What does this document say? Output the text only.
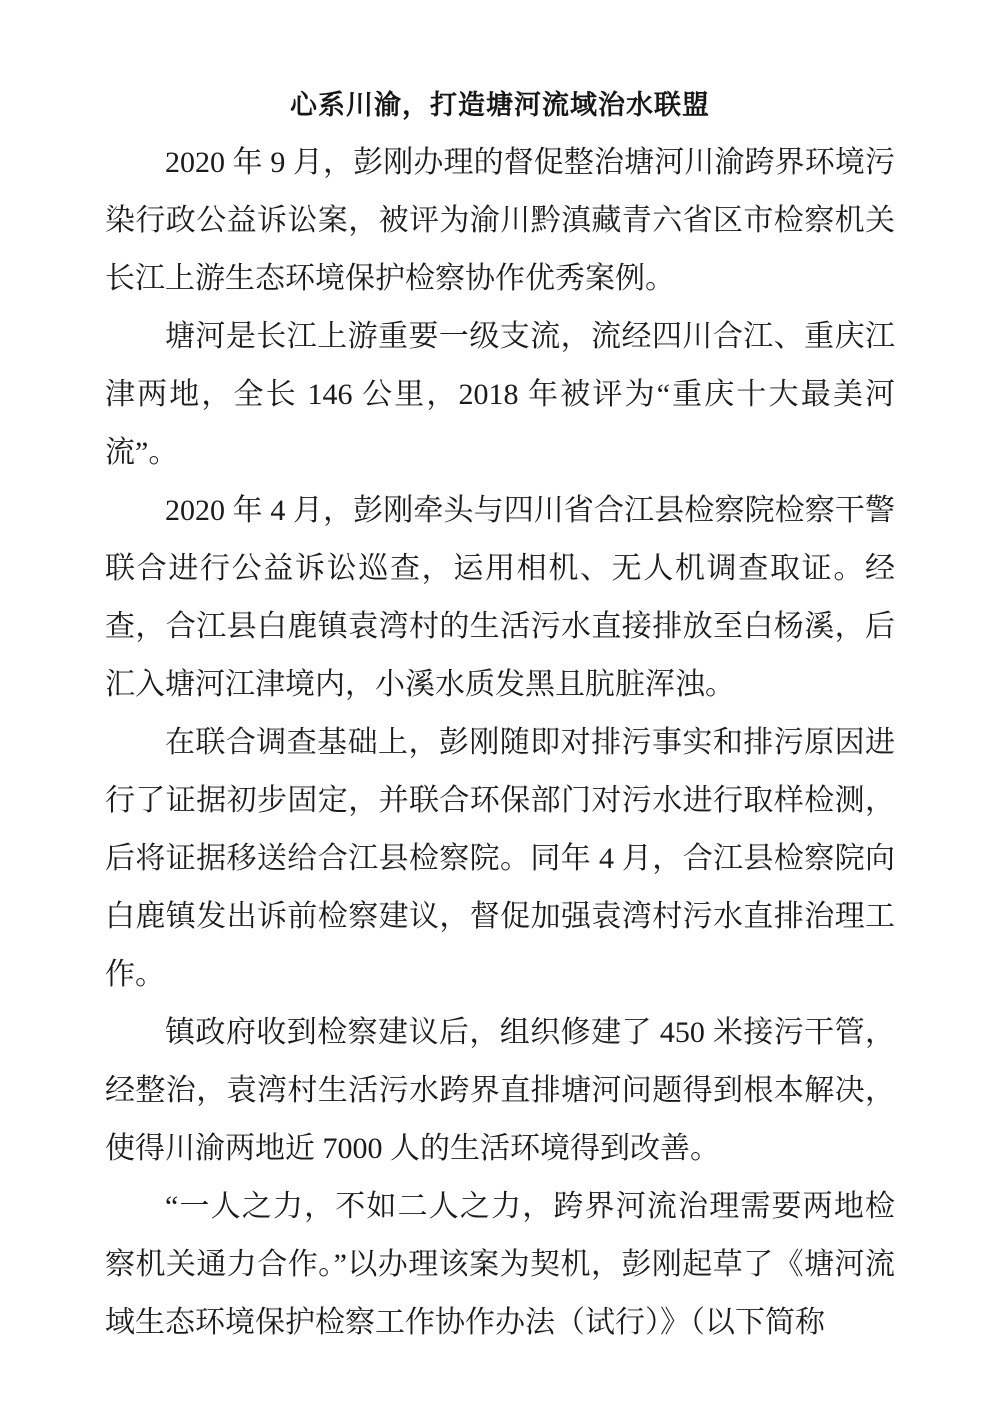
心系川渝，打造塘河流域治水联盟

2020 年 9 月，彭刚办理的督促整治塘河川渝跨界环境污染行政公益诉讼案，被评为渝川黔滇藏青六省区市检察机关长江上游生态环境保护检察协作优秀案例。

塘河是长江上游重要一级支流，流经四川合江、重庆江津两地，全长 146 公里，2018 年被评为“重庆十大最美河流”。

2020 年 4 月，彭刚牵头与四川省合江县检察院检察干警联合进行公益诉讼巡查，运用相机、无人机调查取证。经查，合江县白鹿镇袁湾村的生活污水直接排放至白杨溪，后汇入塘河江津境内，小溪水质发黑且肮脏浑浊。

在联合调查基础上，彭刚随即对排污事实和排污原因进行了证据初步固定，并联合环保部门对污水进行取样检测，后将证据移送给合江县检察院。同年 4 月，合江县检察院向白鹿镇发出诉前检察建议，督促加强袁湾村污水直排治理工作。

镇政府收到检察建议后，组织修建了 450 米接污干管，经整治，袁湾村生活污水跨界直排塘河问题得到根本解决，使得川渝两地近 7000 人的生活环境得到改善。

“一人之力，不如二人之力，跨界河流治理需要两地检察机关通力合作。”以办理该案为契机，彭刚起草了《塘河流域生态环境保护检察工作协作办法（试行）》（以下简称
